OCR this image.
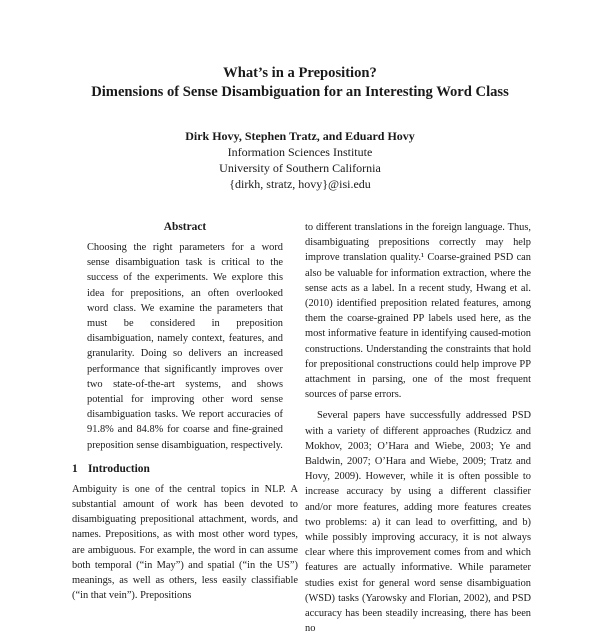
What’s in a Preposition?
Dimensions of Sense Disambiguation for an Interesting Word Class
Dirk Hovy, Stephen Tratz, and Eduard Hovy
Information Sciences Institute
University of Southern California
{dirkh, stratz, hovy}@isi.edu
Abstract

Choosing the right parameters for a word sense disambiguation task is critical to the success of the experiments. We explore this idea for prepositions, an often overlooked word class. We examine the parameters that must be considered in preposition disambiguation, namely context, features, and granularity. Doing so delivers an increased performance that significantly improves over two state-of-the-art systems, and shows potential for improving other word sense disambiguation tasks. We report accuracies of 91.8% and 84.8% for coarse and fine-grained preposition sense disambiguation, respectively.

1 Introduction

Ambiguity is one of the central topics in NLP. A substantial amount of work has been devoted to disambiguating prepositional attachment, words, and names. Prepositions, as with most other word types, are ambiguous. For example, the word in can assume both temporal (“in May”) and spatial (“in the US”) meanings, as well as others, less easily classifiable (“in that vein”). Prepositions

to different translations in the foreign language. Thus, disambiguating prepositions correctly may help improve translation quality.¹ Coarse-grained PSD can also be valuable for information extraction, where the sense acts as a label. In a recent study, Hwang et al. (2010) identified preposition related features, among them the coarse-grained PP labels used here, as the most informative feature in identifying caused-motion constructions. Understanding the constraints that hold for prepositional constructions could help improve PP attachment in parsing, one of the most frequent sources of parse errors.

Several papers have successfully addressed PSD with a variety of different approaches (Rudzicz and Mokhov, 2003; O’Hara and Wiebe, 2003; Ye and Baldwin, 2007; O’Hara and Wiebe, 2009; Tratz and Hovy, 2009). However, while it is often possible to increase accuracy by using a different classifier and/or more features, adding more features creates two problems: a) it can lead to overfitting, and b) while possibly improving accuracy, it is not always clear where this improvement comes from and which features are actually informative. While parameter studies exist for general word sense disambiguation (WSD) tasks (Yarowsky and Florian, 2002), and PSD accuracy has been steadily increasing, there has been no
